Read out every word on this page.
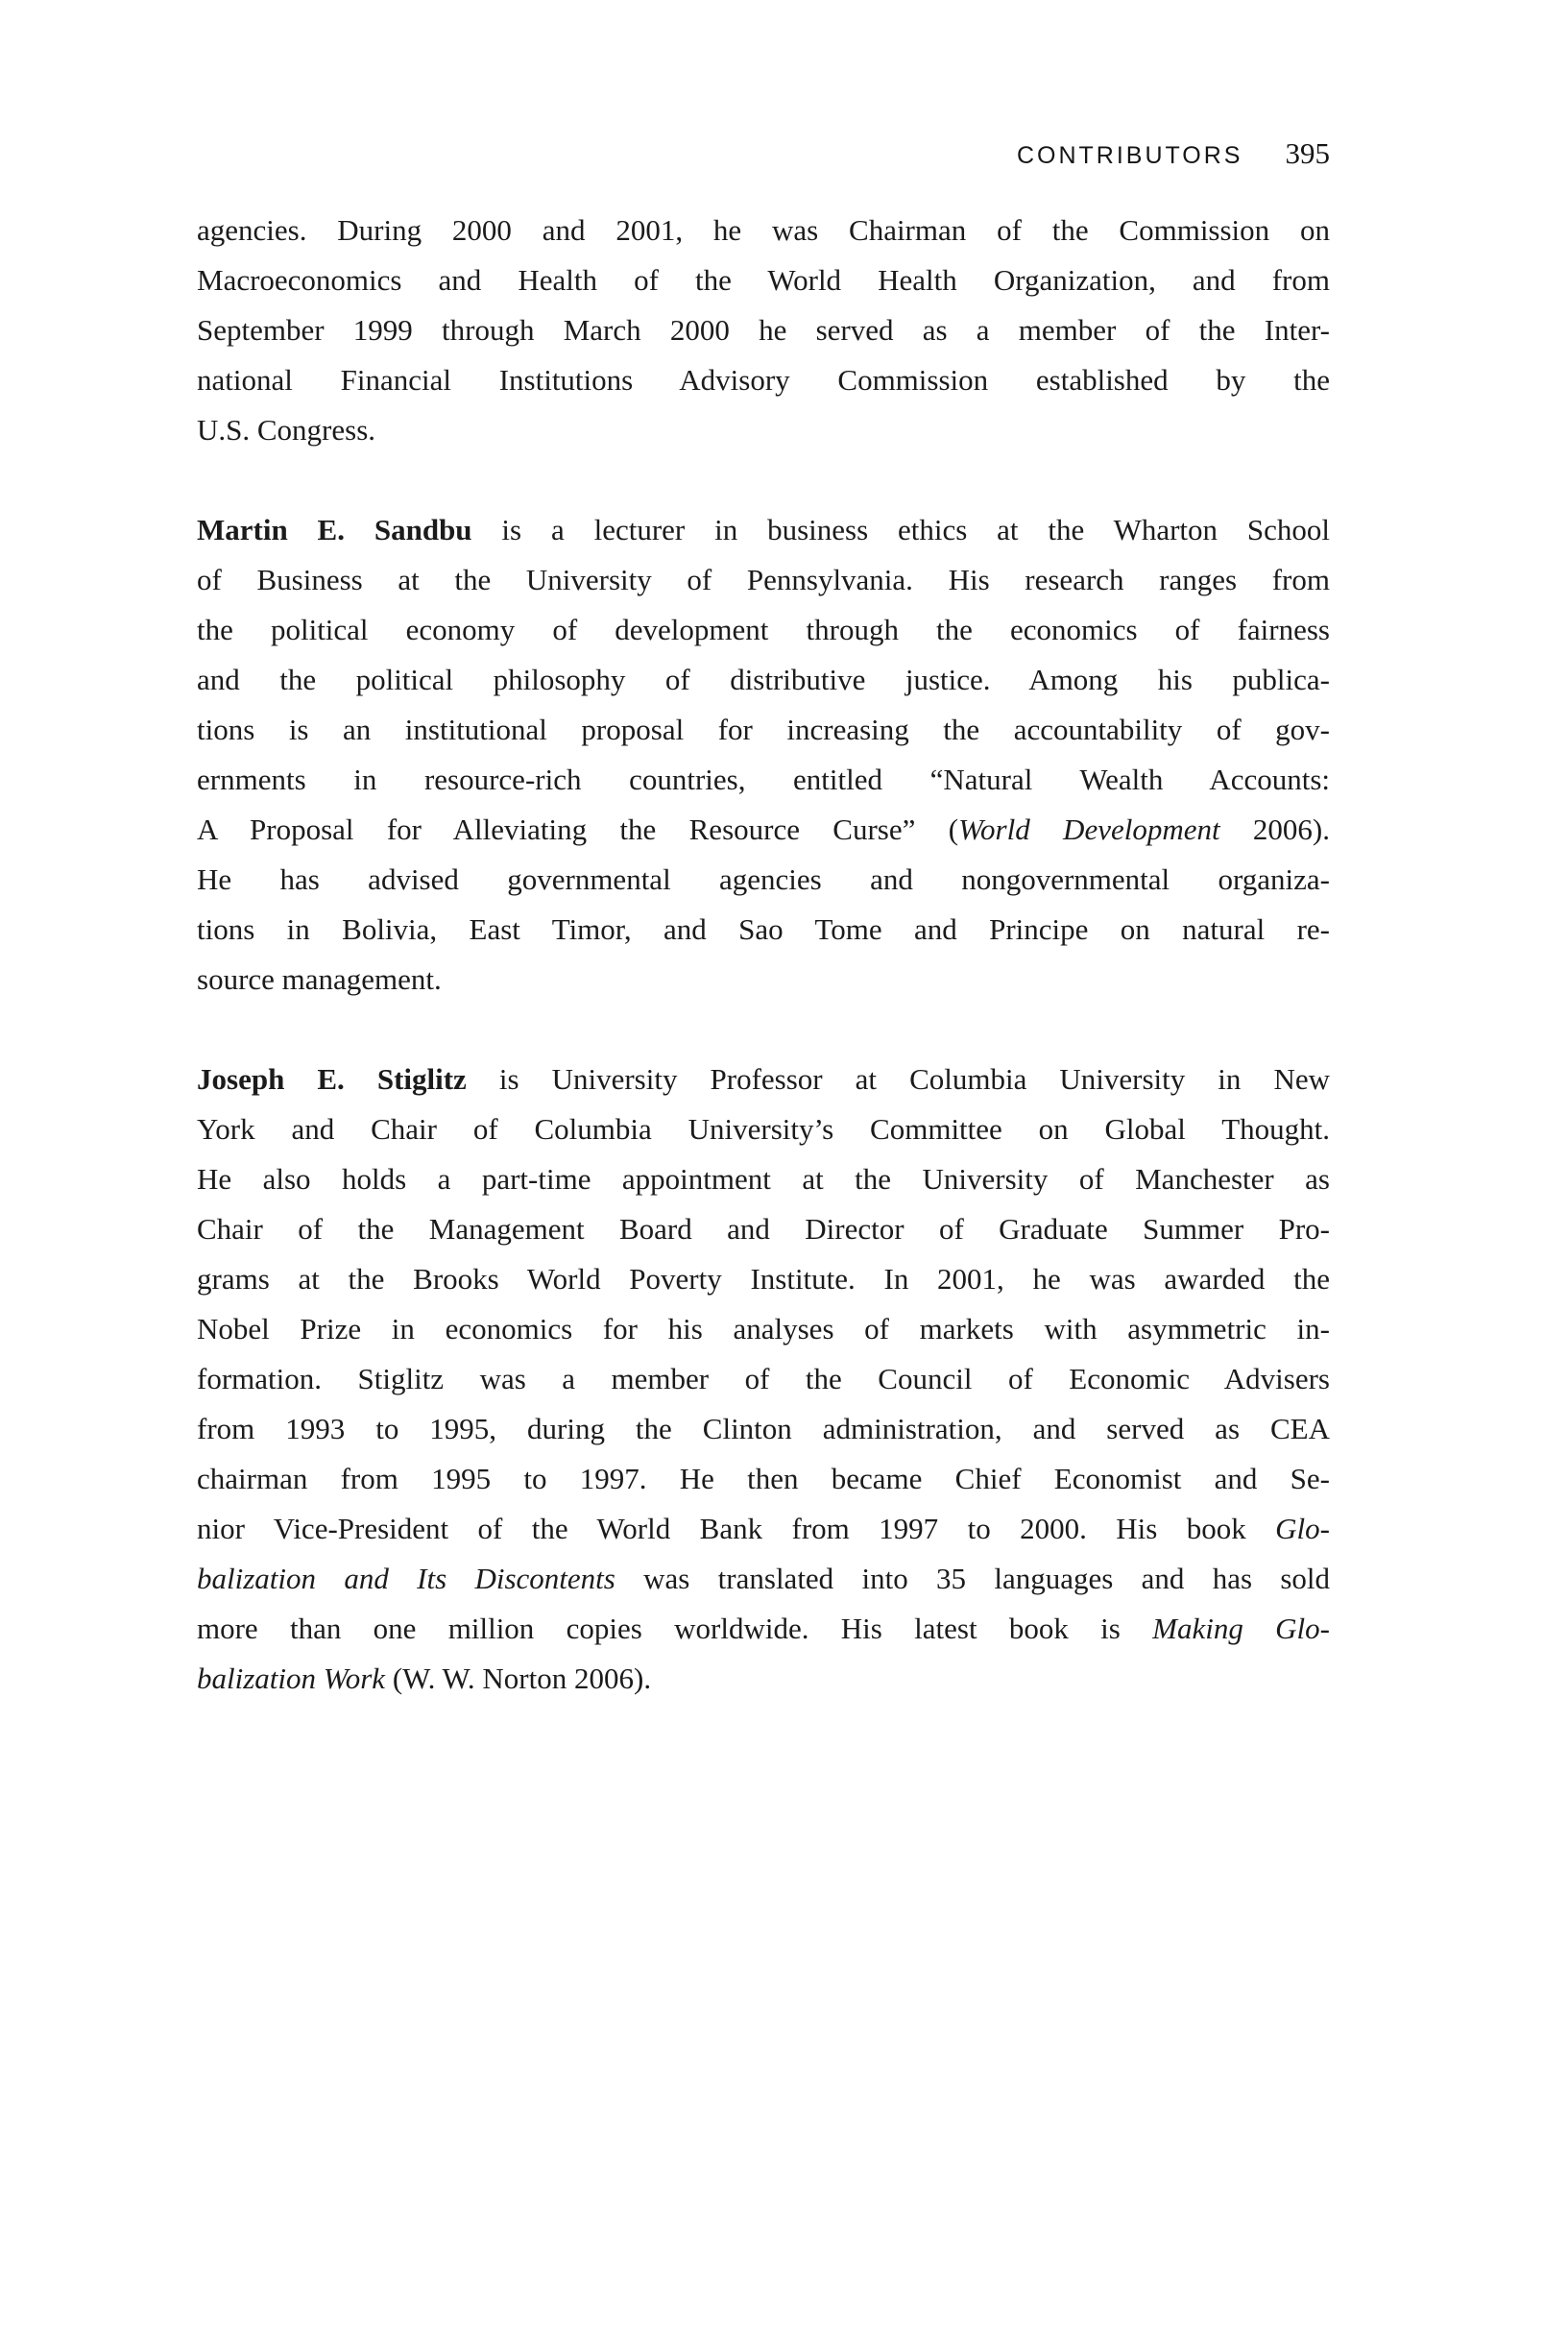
CONTRIBUTORS 395
agencies. During 2000 and 2001, he was Chairman of the Commission on
Macroeconomics and Health of the World Health Organization, and from
September 1999 through March 2000 he served as a member of the Inter-
national Financial Institutions Advisory Commission established by the
U.S. Congress.
Martin E. Sandbu is a lecturer in business ethics at the Wharton School
of Business at the University of Pennsylvania. His research ranges from
the political economy of development through the economics of fairness
and the political philosophy of distributive justice. Among his publica-
tions is an institutional proposal for increasing the accountability of gov-
ernments in resource-rich countries, entitled “Natural Wealth Accounts:
A Proposal for Alleviating the Resource Curse” (World Development 2006).
He has advised governmental agencies and nongovernmental organiza-
tions in Bolivia, East Timor, and Sao Tome and Principe on natural re-
source management.
Joseph E. Stiglitz is University Professor at Columbia University in New
York and Chair of Columbia University’s Committee on Global Thought.
He also holds a part-time appointment at the University of Manchester as
Chair of the Management Board and Director of Graduate Summer Pro-
grams at the Brooks World Poverty Institute. In 2001, he was awarded the
Nobel Prize in economics for his analyses of markets with asymmetric in-
formation. Stiglitz was a member of the Council of Economic Advisers
from 1993 to 1995, during the Clinton administration, and served as CEA
chairman from 1995 to 1997. He then became Chief Economist and Se-
nior Vice-President of the World Bank from 1997 to 2000. His book Glo-
balization and Its Discontents was translated into 35 languages and has sold
more than one million copies worldwide. His latest book is Making Glo-
balization Work (W. W. Norton 2006).
